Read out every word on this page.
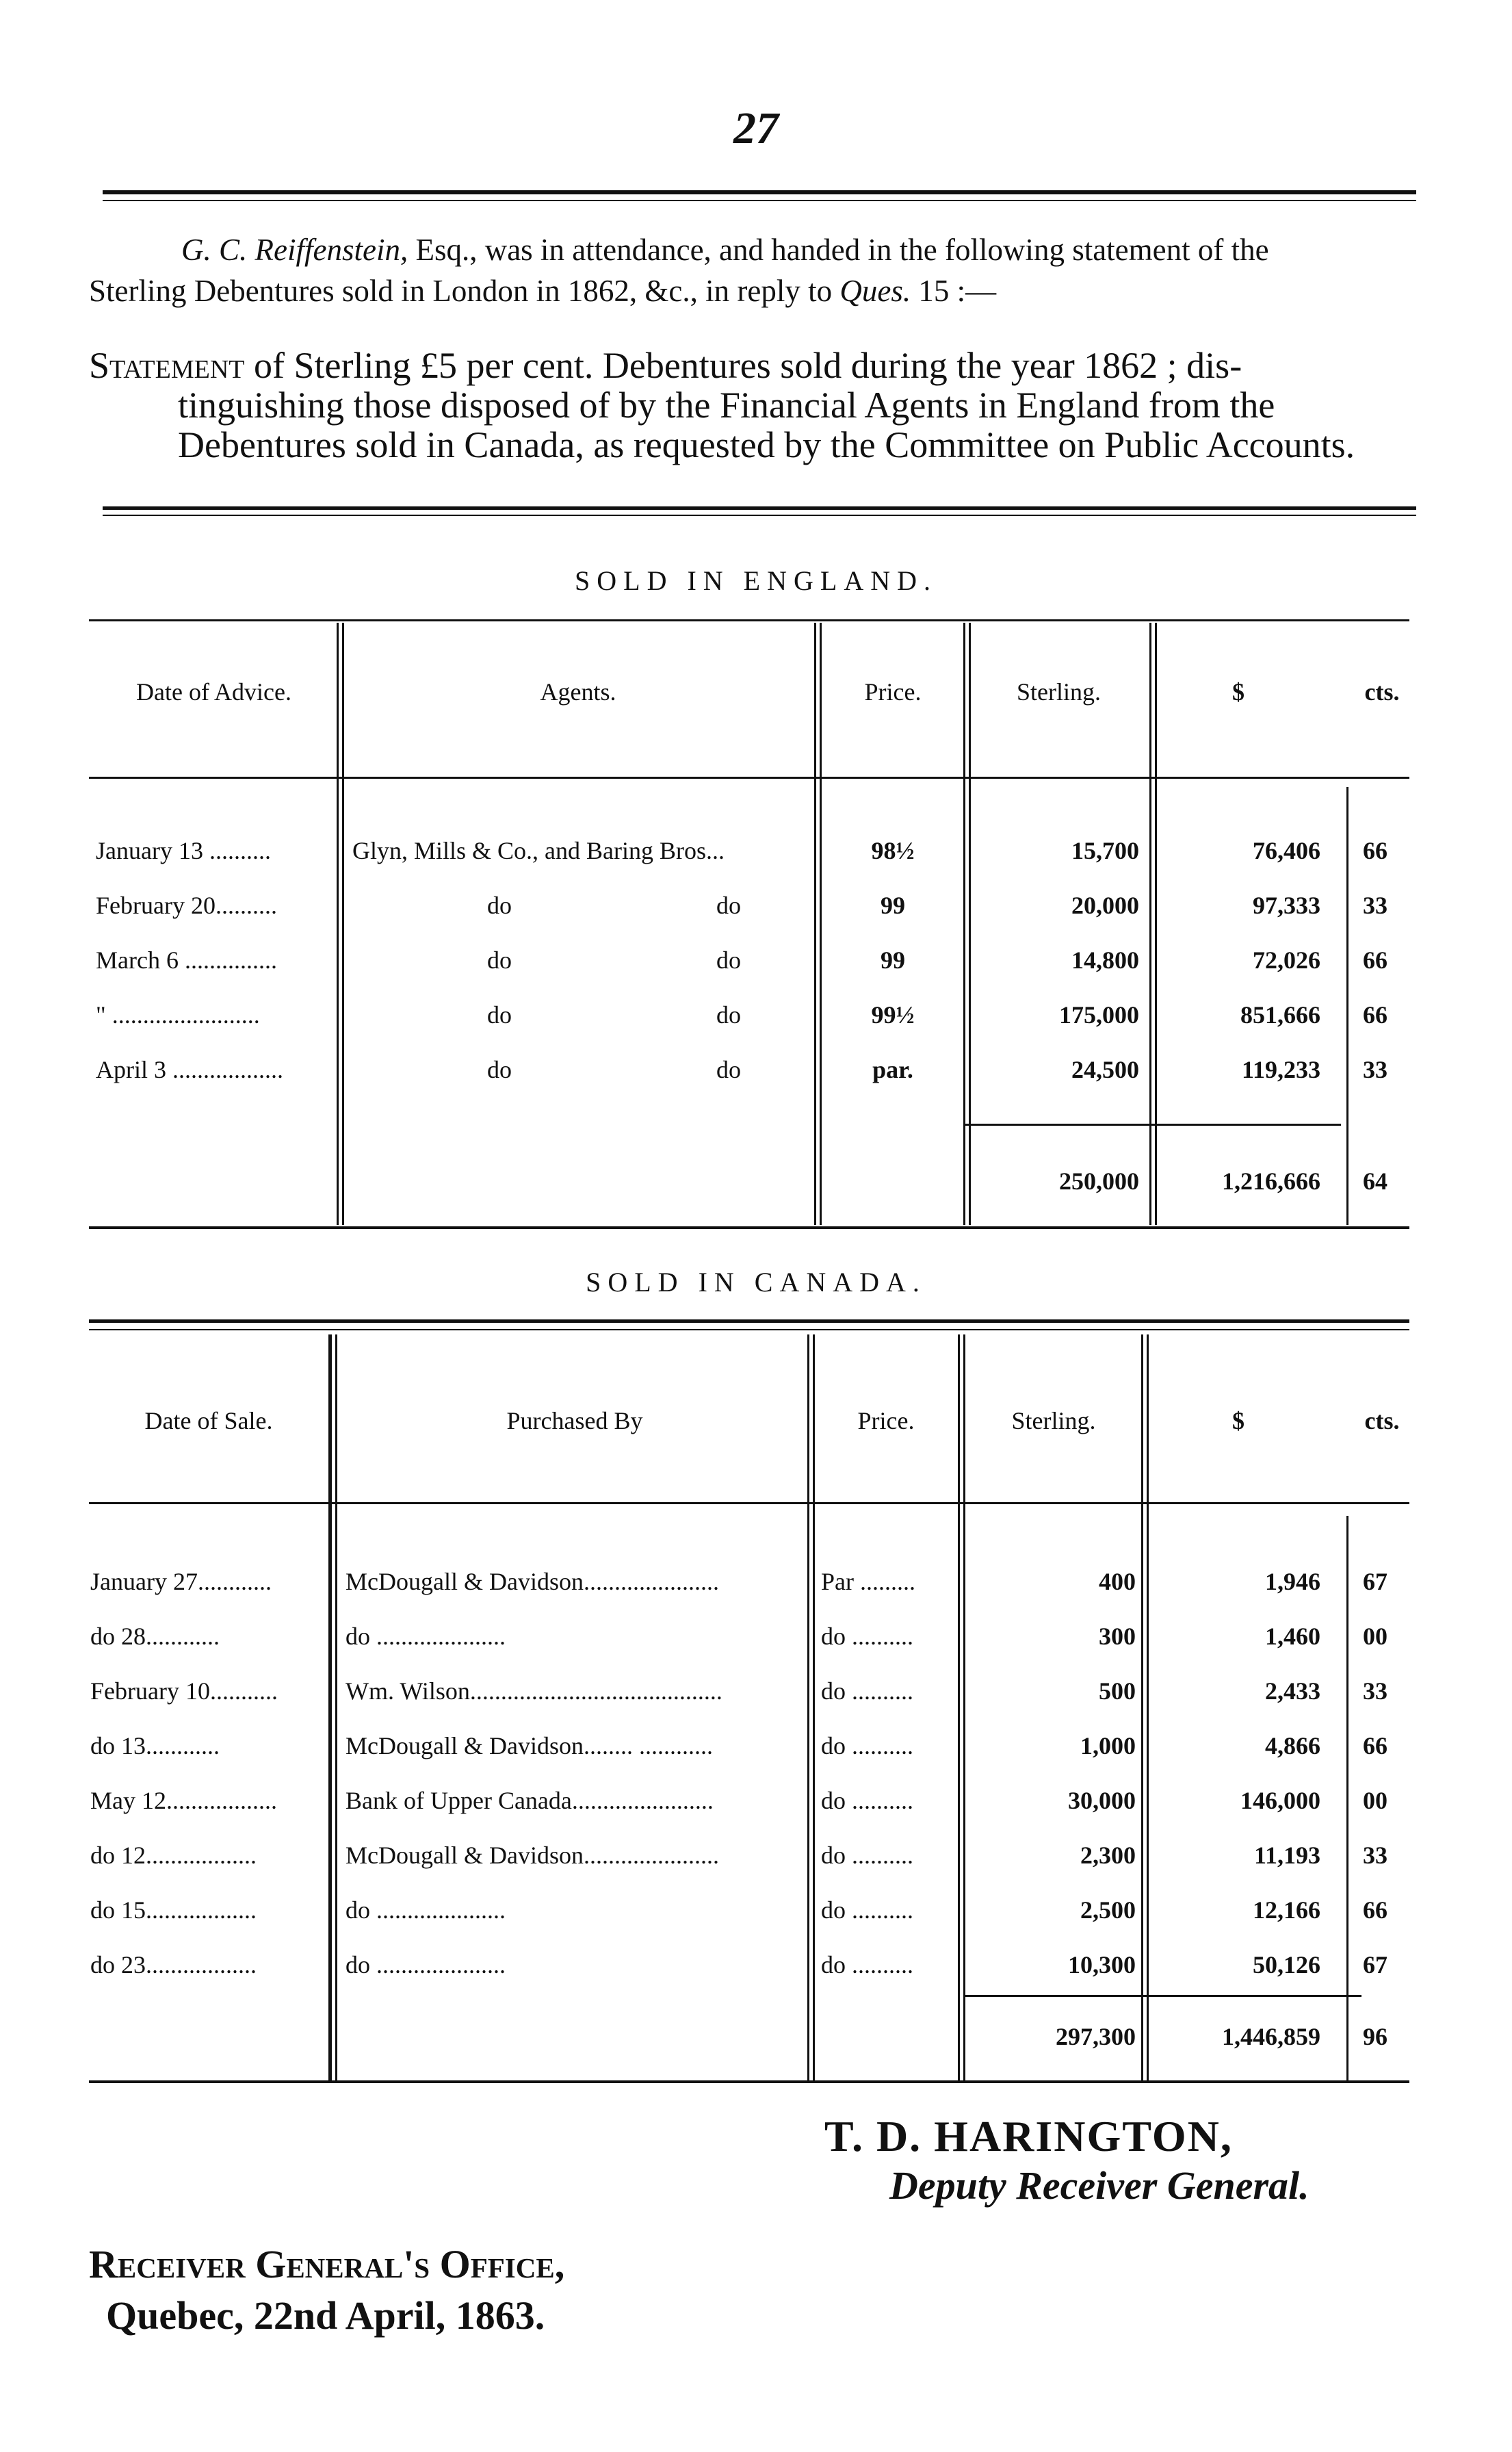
27
G. C. Reiffenstein, Esq., was in attendance, and handed in the following statement of the
Sterling Debentures sold in London in 1862, &c., in reply to Ques. 15 :—
Statement of Sterling £5 per cent. Debentures sold during the year 1862 ; dis-
tinguishing those disposed of by the Financial Agents in England from the
Debentures sold in Canada, as requested by the Committee on Public Accounts.
SOLD IN ENGLAND.
Date of Advice.	Agents.	Price.	Sterling.	$	cts.
January 13 ..........	Glyn, Mills & Co., and Baring Bros...	98½	15,700	76,406	66
February 20..........	do	do	99	20,000	97,333	33
March 6 ...............	do	do	99	14,800	72,026	66
" ........................	do	do	99½	175,000	851,666	66
April 3 ..................	do	do	par.	24,500	119,233	33
250,000	1,216,666	64
SOLD IN CANADA.
Date of Sale.	Purchased By	Price.	Sterling.	$	cts.
January 27............	McDougall & Davidson......................	Par .........	400	1,946	67
do 28............	do .....................	do ..........	300	1,460	00
February 10...........	Wm. Wilson.........................................	do ..........	500	2,433	33
do 13............	McDougall & Davidson........ ............	do ..........	1,000	4,866	66
May 12..................	Bank of Upper Canada.......................	do ..........	30,000	146,000	00
do 12..................	McDougall & Davidson......................	do ..........	2,300	11,193	33
do 15..................	do .....................	do ..........	2,500	12,166	66
do 23..................	do .....................	do ..........	10,300	50,126	67
297,300	1,446,859	96
T. D. HARINGTON,
Deputy Receiver General.
Receiver General's Office,
Quebec, 22nd April, 1863.
